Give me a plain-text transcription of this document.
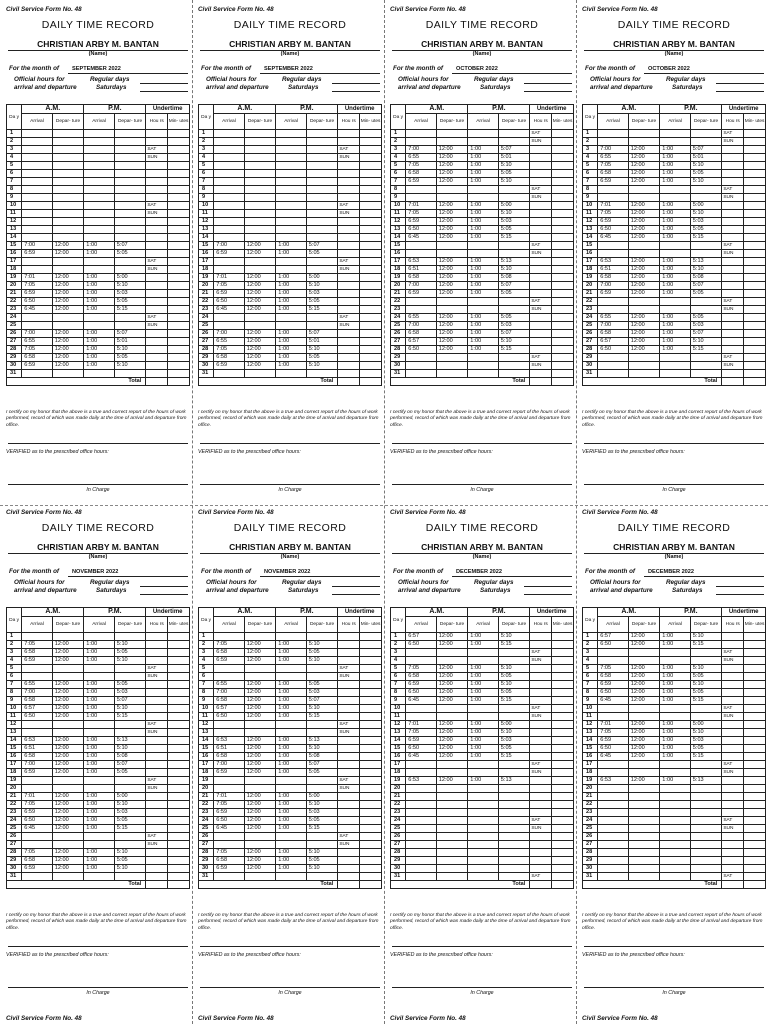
Civil Service Form No. 48
DAILY TIME RECORD
CHRISTIAN ARBY M. BANTAN
(Name)
For the month of SEPTEMBER 2022
Official hours for
arrival and departure
Regular days
Saturdays
Da y	A.M.		P.M.		Undertime	
	Arrival	Depar- ture	Arrival	Depar- ture	Hou rs	Min- utes
1						
2						
3					SAT	
4					SUN	
5						
6						
7						
8						
9						
10					SAT	
11					SUN	
12						
13						
14						
15	7:00	12:00	1:00	5:07		
16	6:59	12:00	1:00	5:05		
17					SAT	
18					SUN	
19	7:01	12:00	1:00	5:00		
20	7:05	12:00	1:00	5:10		
21	6:59	12:00	1:00	5:03		
22	6:50	12:00	1:00	5:05		
23	6:45	12:00	1:00	5:15		
24					SAT	
25					SUN	
26	7:00	12:00	1:00	5:07		
27	6:55	12:00	1:00	5:01		
28	7:05	12:00	1:00	5:10		
29	6:58	12:00	1:00	5:05		
30	6:59	12:00	1:00	5:10		
31						
Total						
I certify on my honor that the above is a true and correct report of the hours of work performed, record of which was made daily at the time of arrival and departure from office.
VERIFIED as to the prescribed office hours:
In Charge
Civil Service Form No. 48
DAILY TIME RECORD
CHRISTIAN ARBY M. BANTAN
(Name)
For the month of SEPTEMBER 2022
Official hours for
arrival and departure
Regular days
Saturdays
Da y	A.M.		P.M.		Undertime	
	Arrival	Depar- ture	Arrival	Depar- ture	Hou rs	Min- utes
1						
2						
3					SAT	
4					SUN	
5						
6						
7						
8						
9						
10					SAT	
11					SUN	
12						
13						
14						
15	7:00	12:00	1:00	5:07		
16	6:59	12:00	1:00	5:05		
17					SAT	
18					SUN	
19	7:01	12:00	1:00	5:00		
20	7:05	12:00	1:00	5:10		
21	6:59	12:00	1:00	5:03		
22	6:50	12:00	1:00	5:05		
23	6:45	12:00	1:00	5:15		
24					SAT	
25					SUN	
26	7:00	12:00	1:00	5:07		
27	6:55	12:00	1:00	5:01		
28	7:05	12:00	1:00	5:10		
29	6:58	12:00	1:00	5:05		
30	6:59	12:00	1:00	5:10		
31						
Total						
I certify on my honor that the above is a true and correct report of the hours of work performed, record of which was made daily at the time of arrival and departure from office.
VERIFIED as to the prescribed office hours:
In Charge
Civil Service Form No. 48
DAILY TIME RECORD
CHRISTIAN ARBY M. BANTAN
(Name)
For the month of OCTOBER 2022
Official hours for
arrival and departure
Regular days
Saturdays
Da y	A.M.		P.M.		Undertime	
	Arrival	Depar- ture	Arrival	Depar- ture	Hou rs	Min- utes
1					SAT	
2					SUN	
3	7:00	12:00	1:00	5:07		
4	6:55	12:00	1:00	5:01		
5	7:05	12:00	1:00	5:10		
6	6:58	12:00	1:00	5:05		
7	6:59	12:00	1:00	5:10		
8					SAT	
9					SUN	
10	7:01	12:00	1:00	5:00		
11	7:05	12:00	1:00	5:10		
12	6:59	12:00	1:00	5:03		
13	6:50	12:00	1:00	5:05		
14	6:45	12:00	1:00	5:15		
15					SAT	
16					SUN	
17	6:53	12:00	1:00	5:13		
18	6:51	12:00	1:00	5:10		
19	6:58	12:00	1:00	5:08		
20	7:00	12:00	1:00	5:07		
21	6:59	12:00	1:00	5:05		
22					SAT	
23					SUN	
24	6:55	12:00	1:00	5:05		
25	7:00	12:00	1:00	5:03		
26	6:58	12:00	1:00	5:07		
27	6:57	12:00	1:00	5:10		
28	6:50	12:00	1:00	5:15		
29					SAT	
30					SUN	
31						
Total						
I certify on my honor that the above is a true and correct report of the hours of work performed, record of which was made daily at the time of arrival and departure from office.
VERIFIED as to the prescribed office hours:
In Charge
Civil Service Form No. 48
DAILY TIME RECORD
CHRISTIAN ARBY M. BANTAN
(Name)
For the month of OCTOBER 2022
Official hours for
arrival and departure
Regular days
Saturdays
Da y	A.M.		P.M.		Undertime	
	Arrival	Depar- ture	Arrival	Depar- ture	Hou rs	Min- utes
1					SAT	
2					SUN	
3	7:00	12:00	1:00	5:07		
4	6:55	12:00	1:00	5:01		
5	7:05	12:00	1:00	5:10		
6	6:58	12:00	1:00	5:05		
7	6:59	12:00	1:00	5:10		
8					SAT	
9					SUN	
10	7:01	12:00	1:00	5:00		
11	7:05	12:00	1:00	5:10		
12	6:59	12:00	1:00	5:03		
13	6:50	12:00	1:00	5:05		
14	6:45	12:00	1:00	5:15		
15					SAT	
16					SUN	
17	6:53	12:00	1:00	5:13		
18	6:51	12:00	1:00	5:10		
19	6:58	12:00	1:00	5:08		
20	7:00	12:00	1:00	5:07		
21	6:59	12:00	1:00	5:05		
22					SAT	
23					SUN	
24	6:55	12:00	1:00	5:05		
25	7:00	12:00	1:00	5:03		
26	6:58	12:00	1:00	5:07		
27	6:57	12:00	1:00	5:10		
28	6:50	12:00	1:00	5:15		
29					SAT	
30					SUN	
31						
Total						
I certify on my honor that the above is a true and correct report of the hours of work performed, record of which was made daily at the time of arrival and departure from office.
VERIFIED as to the prescribed office hours:
In Charge
Civil Service Form No. 48
DAILY TIME RECORD
CHRISTIAN ARBY M. BANTAN
(Name)
For the month of NOVEMBER 2022
Official hours for
arrival and departure
Regular days
Saturdays
Da y	A.M.		P.M.		Undertime	
	Arrival	Depar- ture	Arrival	Depar- ture	Hou rs	Min- utes
1						
2	7:05	12:00	1:00	5:10		
3	6:58	12:00	1:00	5:05		
4	6:59	12:00	1:00	5:10		
5					SAT	
6					SUN	
7	6:55	12:00	1:00	5:05		
8	7:00	12:00	1:00	5:03		
9	6:58	12:00	1:00	5:07		
10	6:57	12:00	1:00	5:10		
11	6:50	12:00	1:00	5:15		
12					SAT	
13					SUN	
14	6:53	12:00	1:00	5:13		
15	6:51	12:00	1:00	5:10		
16	6:58	12:00	1:00	5:08		
17	7:00	12:00	1:00	5:07		
18	6:59	12:00	1:00	5:05		
19					SAT	
20					SUN	
21	7:01	12:00	1:00	5:00		
22	7:05	12:00	1:00	5:10		
23	6:59	12:00	1:00	5:03		
24	6:50	12:00	1:00	5:05		
25	6:45	12:00	1:00	5:15		
26					SAT	
27					SUN	
28	7:05	12:00	1:00	5:10		
29	6:58	12:00	1:00	5:05		
30	6:59	12:00	1:00	5:10		
31						
Total						
I certify on my honor that the above is a true and correct report of the hours of work performed, record of which was made daily at the time of arrival and departure from office.
VERIFIED as to the prescribed office hours:
In Charge
Civil Service Form No. 48
DAILY TIME RECORD
CHRISTIAN ARBY M. BANTAN
(Name)
For the month of NOVEMBER 2022
Official hours for
arrival and departure
Regular days
Saturdays
Da y	A.M.		P.M.		Undertime	
	Arrival	Depar- ture	Arrival	Depar- ture	Hou rs	Min- utes
1						
2	7:05	12:00	1:00	5:10		
3	6:58	12:00	1:00	5:05		
4	6:59	12:00	1:00	5:10		
5					SAT	
6					SUN	
7	6:55	12:00	1:00	5:05		
8	7:00	12:00	1:00	5:03		
9	6:58	12:00	1:00	5:07		
10	6:57	12:00	1:00	5:10		
11	6:50	12:00	1:00	5:15		
12					SAT	
13					SUN	
14	6:53	12:00	1:00	5:13		
15	6:51	12:00	1:00	5:10		
16	6:58	12:00	1:00	5:08		
17	7:00	12:00	1:00	5:07		
18	6:59	12:00	1:00	5:05		
19					SAT	
20					SUN	
21	7:01	12:00	1:00	5:00		
22	7:05	12:00	1:00	5:10		
23	6:59	12:00	1:00	5:03		
24	6:50	12:00	1:00	5:05		
25	6:45	12:00	1:00	5:15		
26					SAT	
27					SUN	
28	7:05	12:00	1:00	5:10		
29	6:58	12:00	1:00	5:05		
30	6:59	12:00	1:00	5:10		
31						
Total						
I certify on my honor that the above is a true and correct report of the hours of work performed, record of which was made daily at the time of arrival and departure from office.
VERIFIED as to the prescribed office hours:
In Charge
Civil Service Form No. 48
DAILY TIME RECORD
CHRISTIAN ARBY M. BANTAN
(Name)
For the month of DECEMBER 2022
Official hours for
arrival and departure
Regular days
Saturdays
Da y	A.M.		P.M.		Undertime	
	Arrival	Depar- ture	Arrival	Depar- ture	Hou rs	Min- utes
1	6:57	12:00	1:00	5:10		
2	6:50	12:00	1:00	5:15		
3					SAT	
4					SUN	
5	7:05	12:00	1:00	5:10		
6	6:58	12:00	1:00	5:05		
7	6:59	12:00	1:00	5:10		
8	6:50	12:00	1:00	5:05		
9	6:45	12:00	1:00	5:15		
10					SAT	
11					SUN	
12	7:01	12:00	1:00	5:00		
13	7:05	12:00	1:00	5:10		
14	6:59	12:00	1:00	5:03		
15	6:50	12:00	1:00	5:05		
16	6:45	12:00	1:00	5:15		
17					SAT	
18					SUN	
19	6:53	12:00	1:00	5:13		
20						
21						
22						
23						
24					SAT	
25					SUN	
26						
27						
28						
29						
30						
31					SAT	
Total						
I certify on my honor that the above is a true and correct report of the hours of work performed, record of which was made daily at the time of arrival and departure from office.
VERIFIED as to the prescribed office hours:
In Charge
Civil Service Form No. 48
DAILY TIME RECORD
CHRISTIAN ARBY M. BANTAN
(Name)
For the month of DECEMBER 2022
Official hours for
arrival and departure
Regular days
Saturdays
Da y	A.M.		P.M.		Undertime	
	Arrival	Depar- ture	Arrival	Depar- ture	Hou rs	Min- utes
1	6:57	12:00	1:00	5:10		
2	6:50	12:00	1:00	5:15		
3					SAT	
4					SUN	
5	7:05	12:00	1:00	5:10		
6	6:58	12:00	1:00	5:05		
7	6:59	12:00	1:00	5:10		
8	6:50	12:00	1:00	5:05		
9	6:45	12:00	1:00	5:15		
10					SAT	
11					SUN	
12	7:01	12:00	1:00	5:00		
13	7:05	12:00	1:00	5:10		
14	6:59	12:00	1:00	5:03		
15	6:50	12:00	1:00	5:05		
16	6:45	12:00	1:00	5:15		
17					SAT	
18					SUN	
19	6:53	12:00	1:00	5:13		
20						
21						
22						
23						
24					SAT	
25					SUN	
26						
27						
28						
29						
30						
31					SAT	
Total						
I certify on my honor that the above is a true and correct report of the hours of work performed, record of which was made daily at the time of arrival and departure from office.
VERIFIED as to the prescribed office hours:
In Charge
Civil Service Form No. 48	Civil Service Form No. 48	Civil Service Form No. 48	Civil Service Form No. 48
